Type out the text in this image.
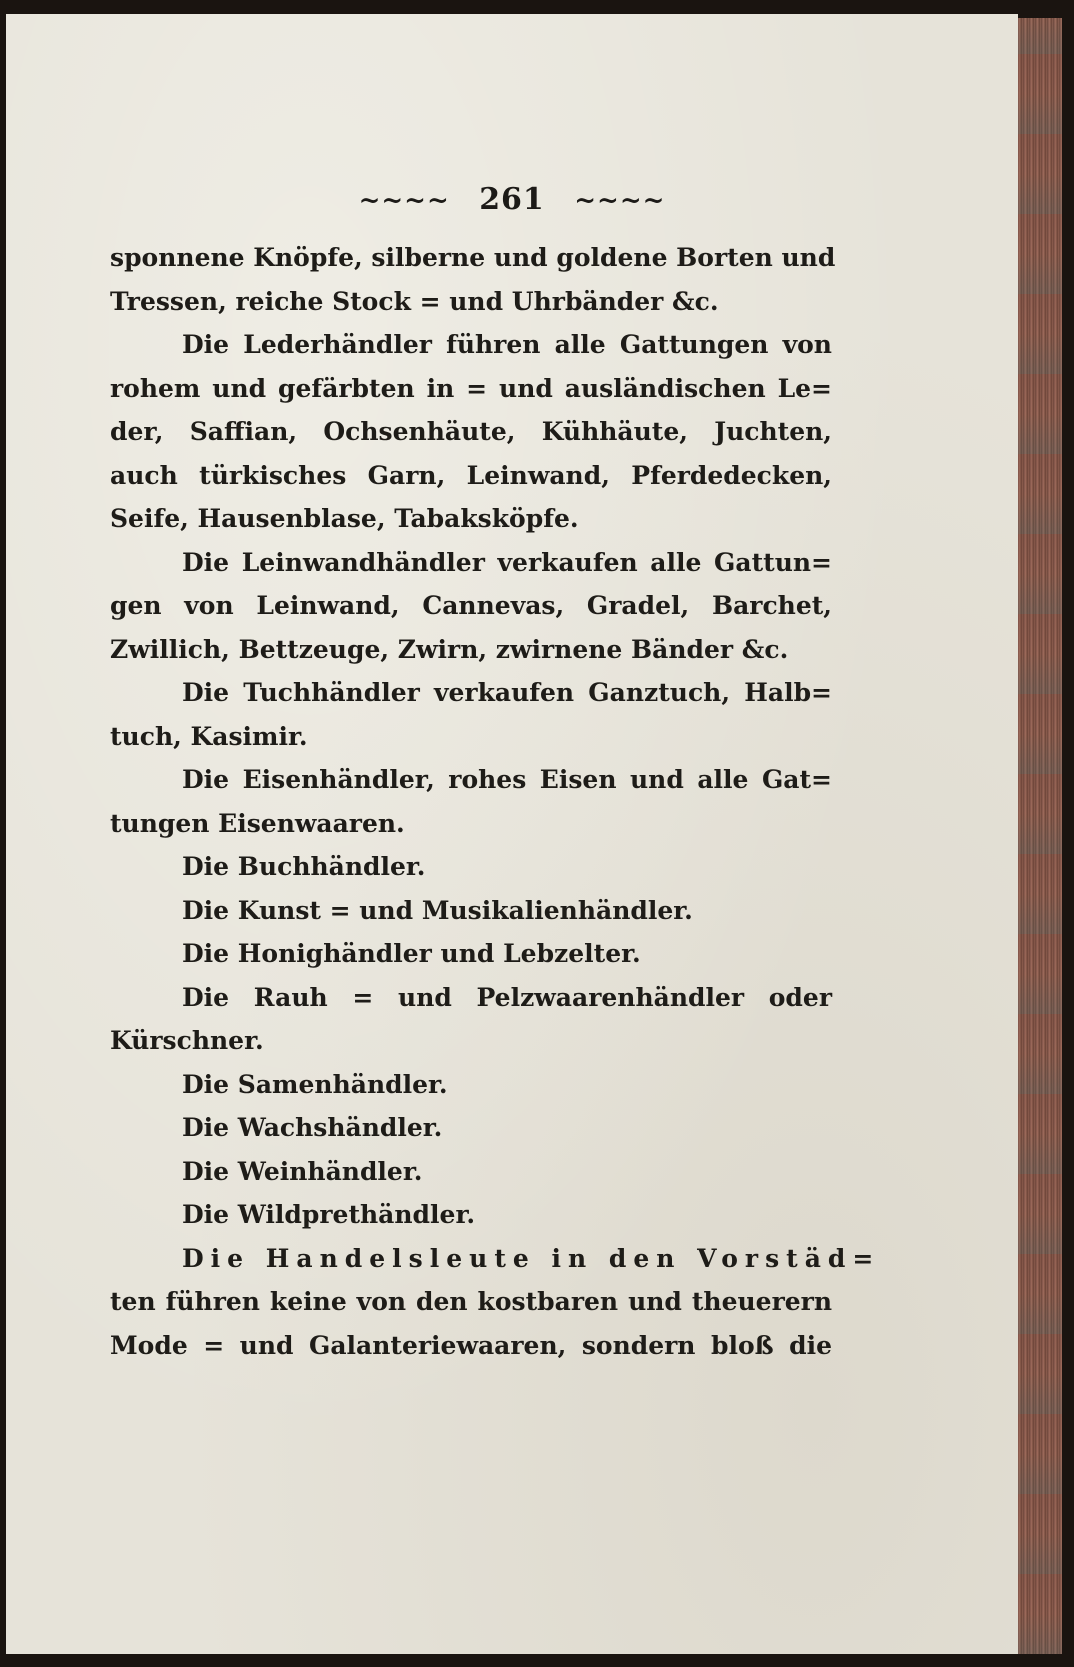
~~~~ 261 ~~~~
sponnene Knöpfe, silberne und goldene Borten und
Tressen, reiche Stock = und Uhrbänder &c.
Die Lederhändler führen alle Gattungen von
rohem und gefärbten in = und ausländischen Le=
der, Saffian, Ochsenhäute, Kühhäute, Juchten,
auch türkisches Garn, Leinwand, Pferdedecken,
Seife, Hausenblase, Tabaksköpfe.
Die Leinwandhändler verkaufen alle Gattun=
gen von Leinwand, Cannevas, Gradel, Barchet,
Zwillich, Bettzeuge, Zwirn, zwirnene Bänder &c.
Die Tuchhändler verkaufen Ganztuch, Halb=
tuch, Kasimir.
Die Eisenhändler, rohes Eisen und alle Gat=
tungen Eisenwaaren.
Die Buchhändler.
Die Kunst = und Musikalienhändler.
Die Honighändler und Lebzelter.
Die Rauh = und Pelzwaarenhändler oder
Kürschner.
Die Samenhändler.
Die Wachshändler.
Die Weinhändler.
Die Wildprethändler.
Die Handelsleute in den Vorstäd=
ten führen keine von den kostbaren und theuerern
Mode = und Galanteriewaaren, sondern bloß die
